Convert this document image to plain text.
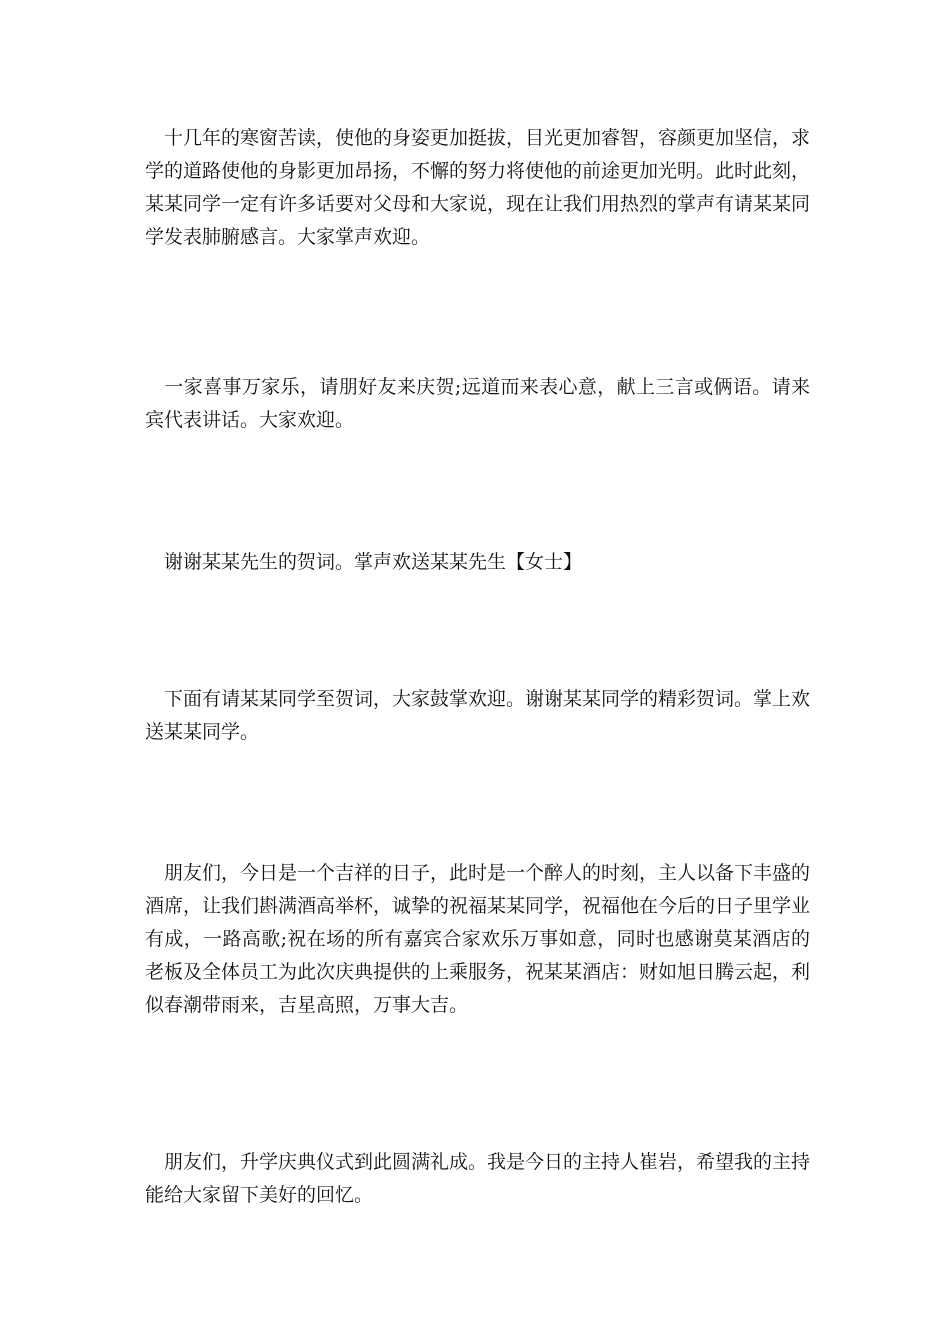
　十几年的寒窗苦读，使他的身姿更加挺拔，目光更加睿智，容颜更加坚信，求学的道路使他的身影更加昂扬，不懈的努力将使他的前途更加光明。此时此刻，某某同学一定有许多话要对父母和大家说，现在让我们用热烈的掌声有请某某同学发表肺腑感言。大家掌声欢迎。

　一家喜事万家乐，请朋好友来庆贺;远道而来表心意，献上三言或俩语。请来宾代表讲话。大家欢迎。

　谢谢某某先生的贺词。掌声欢送某某先生【女士】

　下面有请某某同学至贺词，大家鼓掌欢迎。谢谢某某同学的精彩贺词。掌上欢送某某同学。

　朋友们，今日是一个吉祥的日子，此时是一个醉人的时刻，主人以备下丰盛的酒席，让我们斟满酒高举杯，诚挚的祝福某某同学，祝福他在今后的日子里学业有成，一路高歌;祝在场的所有嘉宾合家欢乐万事如意，同时也感谢莫某酒店的老板及全体员工为此次庆典提供的上乘服务，祝某某酒店：财如旭日腾云起，利似春潮带雨来，吉星高照，万事大吉。

　朋友们，升学庆典仪式到此圆满礼成。我是今日的主持人崔岩，希望我的主持能给大家留下美好的回忆。
